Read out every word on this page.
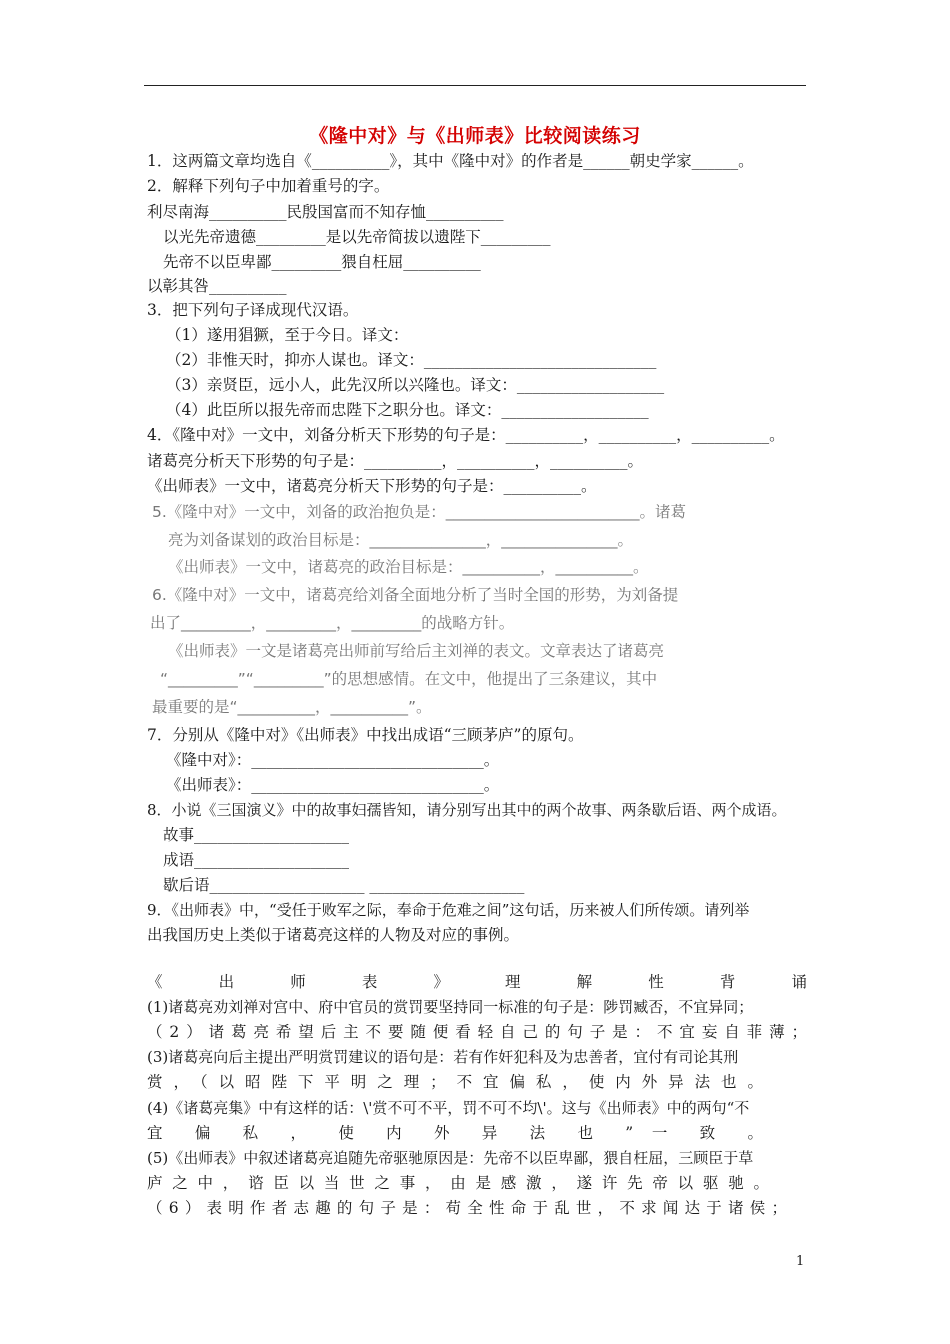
《隆中对》与《出师表》比较阅读练习
1．这两篇文章均选自《__________》，其中《隆中对》的作者是______朝史学家______。
2．解释下列句子中加着重号的字。
利尽南海__________民殷国富而不知存恤__________
以光先帝遗德_________是以先帝简拔以遗陛下_________
先帝不以臣卑鄙_________猥自枉屈__________
以彰其咎__________
3．把下列句子译成现代汉语。
（1）遂用猖獗，至于今日。译文：
（2）非惟天时，抑亦人谋也。译文：______________________________
（3）亲贤臣，远小人，此先汉所以兴隆也。译文：___________________
（4）此臣所以报先帝而忠陛下之职分也。译文：___________________
4．《隆中对》一文中，刘备分析天下形势的句子是：__________，__________，__________。
诸葛亮分析天下形势的句子是：__________，__________，__________。
《出师表》一文中，诸葛亮分析天下形势的句子是：__________。
5.《隆中对》一文中，刘备的政治抱负是：_________________________。诸葛
亮为刘备谋划的政治目标是：_______________，_______________。
《出师表》一文中，诸葛亮的政治目标是：__________，__________。
6.《隆中对》一文中，诸葛亮给刘备全面地分析了当时全国的形势，为刘备提
出了_________，_________，_________的战略方针。
《出师表》一文是诸葛亮出师前写给后主刘禅的表文。文章表达了诸葛亮
“_________”“_________”的思想感情。在文中，他提出了三条建议，其中
最重要的是“__________，__________”。
7．分别从《隆中对》《出师表》中找出成语“三顾茅庐”的原句。
《隆中对》：______________________________。
《出师表》：______________________________。
8．小说《三国演义》中的故事妇孺皆知，请分别写出其中的两个故事、两条歇后语、两个成语。
故事____________________
成语____________________
歇后语____________________ ____________________
9．《出师表》中，“受任于败军之际，奉命于危难之间”这句话，历来被人们所传颂。请列举
出我国历史上类似于诸葛亮这样的人物及对应的事例。
《 出 师 表 》 理 解 性 背 诵
(1)诸葛亮劝刘禅对宫中、府中官员的赏罚要坚持同一标准的句子是：陟罚臧否，不宜异同；
（2）诸葛亮希望后主不要随便看轻自己的句子是：不宜妄自菲薄；
(3)诸葛亮向后主提出严明赏罚建议的语句是：若有作奸犯科及为忠善者，宜付有司论其刑
赏，（以昭陛下平明之理；不宜偏私，使内外异法也。
(4)《诸葛亮集》中有这样的话：\'赏不可不平，罚不可不均\'。这与《出师表》中的两句“不
宜 偏 私 ， 使 内 外 异 法 也 ” 一 致 。
(5)《出师表》中叙述诸葛亮追随先帝驱驰原因是：先帝不以臣卑鄙，猥自枉屈，三顾臣于草
庐之中，谘臣以当世之事，由是感激，遂许先帝以驱驰。
（6）表明作者志趣的句子是：苟全性命于乱世，不求闻达于诸侯；
1
